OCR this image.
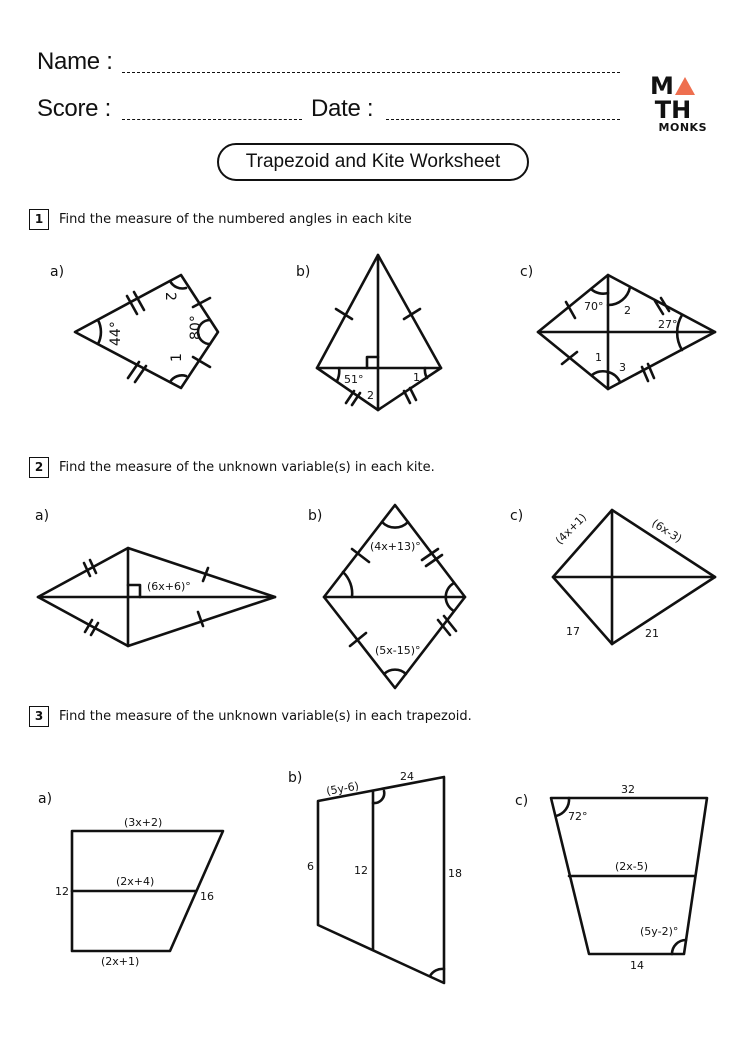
Name :
Score :	Date :
MTH
MONKS
Trapezoid and Kite Worksheet
1	Find the measure of the numbered angles in each kite
2	Find the measure of the unknown variable(s) in each kite.
3	Find the measure of the unknown variable(s) in each trapezoid.
a)
44°	80°
1
2
b)
51°	1
2
c)
70° 2
27°
1
3
a)
(6x+6)°
b)
(4x+13)°
(5x-15)°
c)	(4x+1)	(6x-3)
17	21
a)
(3x+2)
(2x+4)
(2x+1)
12	16
b)
(5y-6)
24
6	12	18
c)
32
72°
(2x-5)
(5y-2)°
14
